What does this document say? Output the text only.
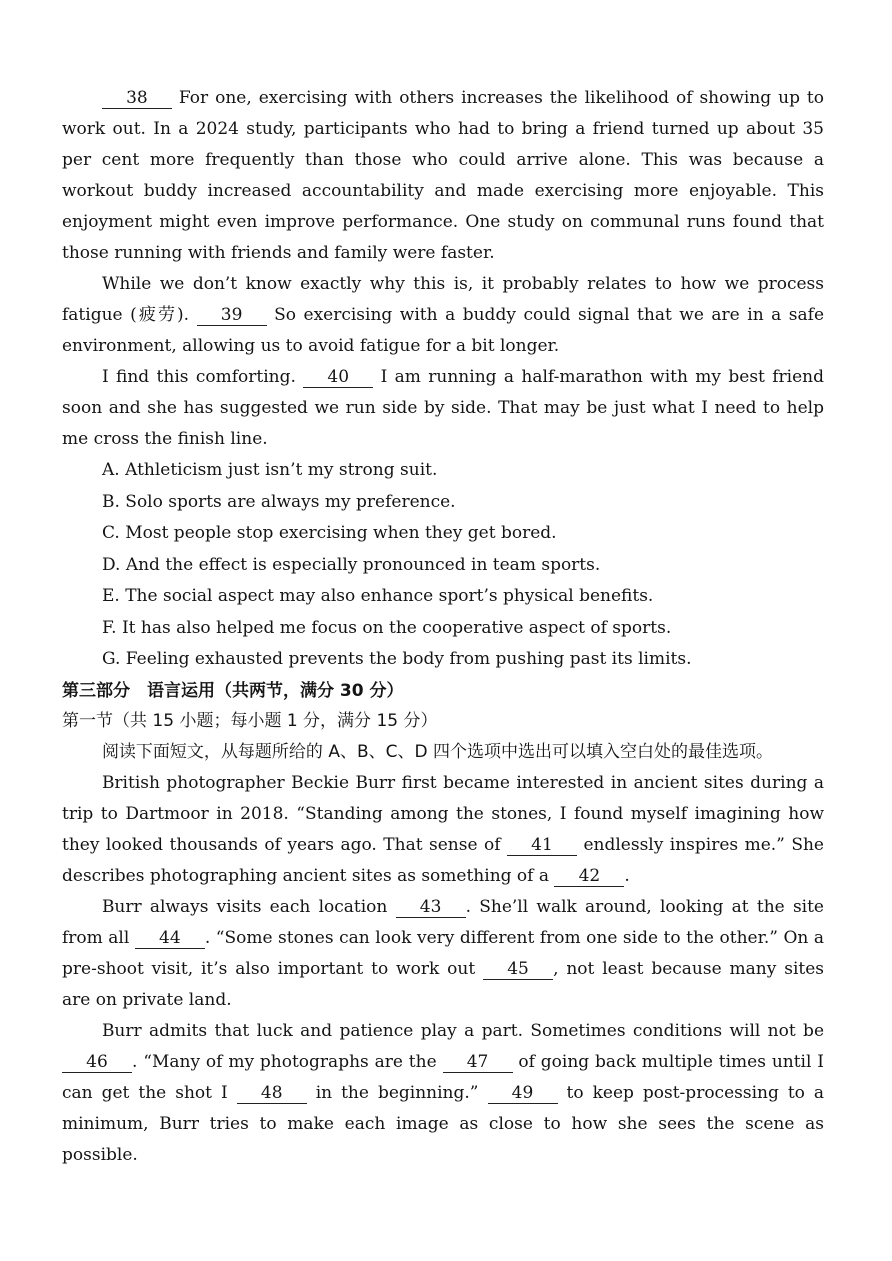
38 For one, exercising with others increases the likelihood of showing up to work out. In a 2024 study, participants who had to bring a friend turned up about 35 per cent more frequently than those who could arrive alone. This was because a workout buddy increased accountability and made exercising more enjoyable. This enjoyment might even improve performance. One study on communal runs found that those running with friends and family were faster.

While we don’t know exactly why this is, it probably relates to how we process fatigue (疲劳). 39 So exercising with a buddy could signal that we are in a safe environment, allowing us to avoid fatigue for a bit longer.

I find this comforting. 40 I am running a half-marathon with my best friend soon and she has suggested we run side by side. That may be just what I need to help me cross the finish line.

A. Athleticism just isn’t my strong suit.

B. Solo sports are always my preference.

C. Most people stop exercising when they get bored.

D. And the effect is especially pronounced in team sports.

E. The social aspect may also enhance sport’s physical benefits.

F. It has also helped me focus on the cooperative aspect of sports.

G. Feeling exhausted prevents the body from pushing past its limits.

第三部分　语言运用（共两节，满分 30 分）

第一节（共 15 小题；每小题 1 分，满分 15 分）

阅读下面短文，从每题所给的 A、B、C、D 四个选项中选出可以填入空白处的最佳选项。

British photographer Beckie Burr first became interested in ancient sites during a trip to Dartmoor in 2018. “Standing among the stones, I found myself imagining how they looked thousands of years ago. That sense of 41 endlessly inspires me.” She describes photographing ancient sites as something of a 42 .

Burr always visits each location 43 . She’ll walk around, looking at the site from all 44 . “Some stones can look very different from one side to the other.” On a pre-shoot visit, it’s also important to work out 45 , not least because many sites are on private land.

Burr admits that luck and patience play a part. Sometimes conditions will not be 46 . “Many of my photographs are the 47 of going back multiple times until I can get the shot I 48 in the beginning.” 49 to keep post-processing to a minimum, Burr tries to make each image as close to how she sees the scene as possible.
